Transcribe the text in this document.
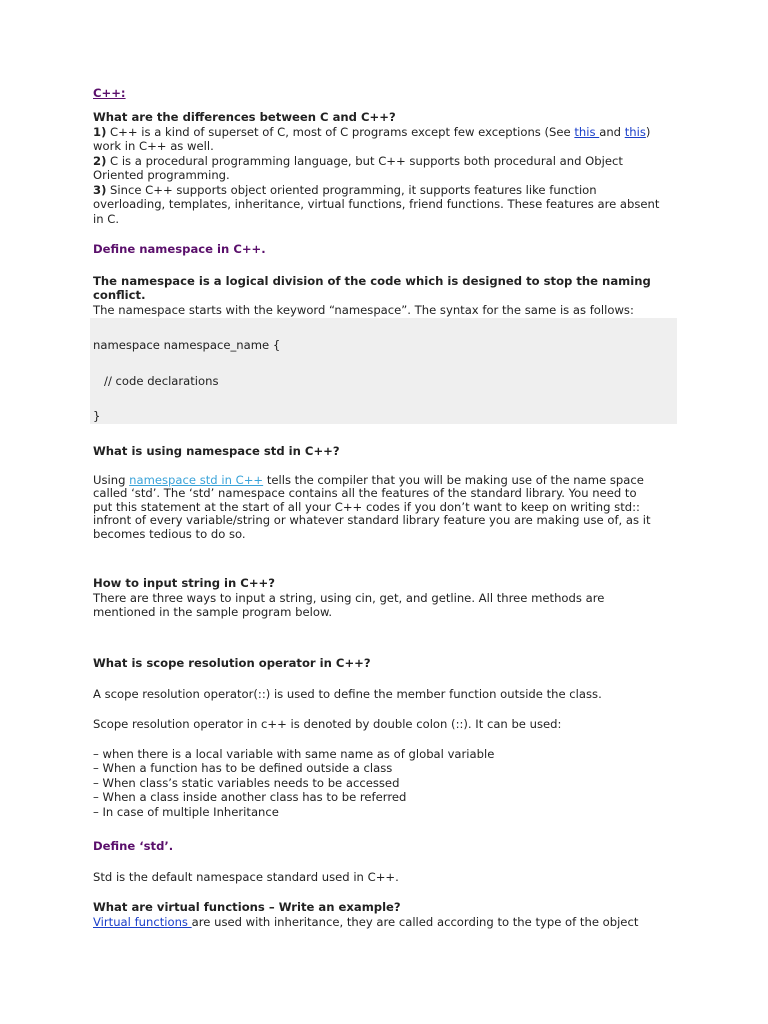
C++:

What are the differences between C and C++?

1) C++ is a kind of superset of C, most of C programs except few exceptions (See this and this)

work in C++ as well.

2) C is a procedural programming language, but C++ supports both procedural and Object

Oriented programming.

3) Since C++ supports object oriented programming, it supports features like function

overloading, templates, inheritance, virtual functions, friend functions. These features are absent

in C.

Define namespace in C++.

The namespace is a logical division of the code which is designed to stop the naming conflict.

The namespace starts with the keyword “namespace”. The syntax for the same is as follows:

namespace namespace_name {
// code declarations
}

What is using namespace std in C++?

Using namespace std in C++ tells the compiler that you will be making use of the name space

called ‘std’. The ‘std’ namespace contains all the features of the standard library. You need to

put this statement at the start of all your C++ codes if you don’t want to keep on writing std::

infront of every variable/string or whatever standard library feature you are making use of, as it

becomes tedious to do so.

How to input string in C++?

There are three ways to input a string, using cin, get, and getline. All three methods are

mentioned in the sample program below.

What is scope resolution operator in C++?

A scope resolution operator(::) is used to define the member function outside the class.

Scope resolution operator in c++ is denoted by double colon (::). It can be used:

– when there is a local variable with same name as of global variable

– When a function has to be defined outside a class

– When class’s static variables needs to be accessed

– When a class inside another class has to be referred

– In case of multiple Inheritance

Define ‘std’.

Std is the default namespace standard used in C++.

What are virtual functions – Write an example?

Virtual functions are used with inheritance, they are called according to the type of the object
